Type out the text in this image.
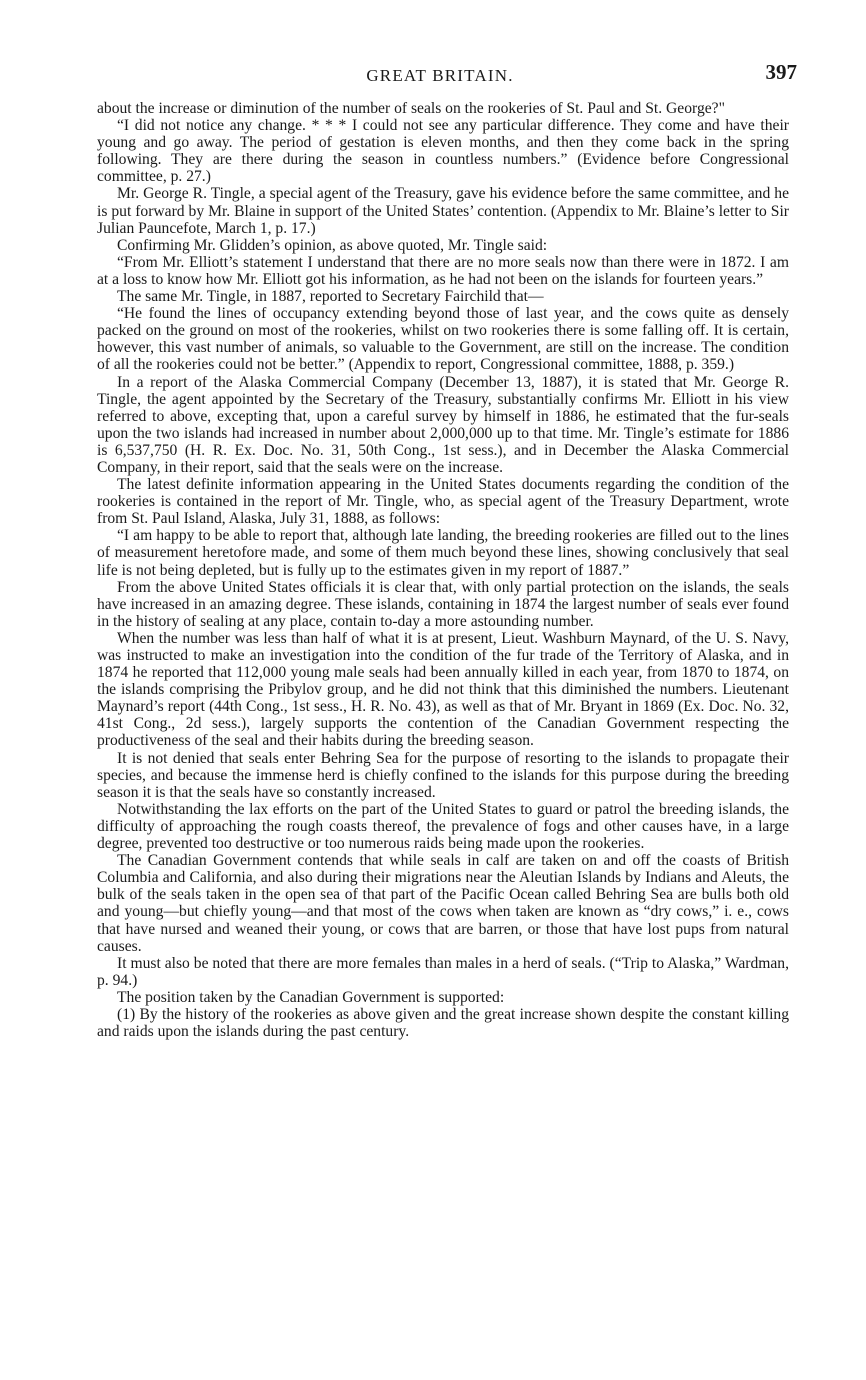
GREAT BRITAIN.	397

about the increase or diminution of the number of seals on the rookeries of St. Paul and St. George?"

“I did not notice any change. * * * I could not see any particular difference. They come and have their young and go away. The period of gestation is eleven months, and then they come back in the spring following. They are there during the season in countless numbers.” (Evidence before Congressional committee, p. 27.)

Mr. George R. Tingle, a special agent of the Treasury, gave his evidence before the same committee, and he is put forward by Mr. Blaine in support of the United States’ contention. (Appendix to Mr. Blaine’s letter to Sir Julian Pauncefote, March 1, p. 17.)

Confirming Mr. Glidden’s opinion, as above quoted, Mr. Tingle said:

“From Mr. Elliott’s statement I understand that there are no more seals now than there were in 1872. I am at a loss to know how Mr. Elliott got his information, as he had not been on the islands for fourteen years.”

The same Mr. Tingle, in 1887, reported to Secretary Fairchild that—

“He found the lines of occupancy extending beyond those of last year, and the cows quite as densely packed on the ground on most of the rookeries, whilst on two rookeries there is some falling off. It is certain, however, this vast number of animals, so valuable to the Government, are still on the increase. The condition of all the rookeries could not be better.” (Appendix to report, Congressional committee, 1888, p. 359.)

In a report of the Alaska Commercial Company (December 13, 1887), it is stated that Mr. George R. Tingle, the agent appointed by the Secretary of the Treasury, substantially confirms Mr. Elliott in his view referred to above, excepting that, upon a careful survey by himself in 1886, he estimated that the fur-seals upon the two islands had increased in number about 2,000,000 up to that time. Mr. Tingle’s estimate for 1886 is 6,537,750 (H. R. Ex. Doc. No. 31, 50th Cong., 1st sess.), and in December the Alaska Commercial Company, in their report, said that the seals were on the increase.

The latest definite information appearing in the United States documents regarding the condition of the rookeries is contained in the report of Mr. Tingle, who, as special agent of the Treasury Department, wrote from St. Paul Island, Alaska, July 31, 1888, as follows:

“I am happy to be able to report that, although late landing, the breeding rookeries are filled out to the lines of measurement heretofore made, and some of them much beyond these lines, showing conclusively that seal life is not being depleted, but is fully up to the estimates given in my report of 1887.”

From the above United States officials it is clear that, with only partial protection on the islands, the seals have increased in an amazing degree. These islands, containing in 1874 the largest number of seals ever found in the history of sealing at any place, contain to-day a more astounding number.

When the number was less than half of what it is at present, Lieut. Washburn Maynard, of the U. S. Navy, was instructed to make an investigation into the condition of the fur trade of the Territory of Alaska, and in 1874 he reported that 112,000 young male seals had been annually killed in each year, from 1870 to 1874, on the islands comprising the Pribylov group, and he did not think that this diminished the numbers. Lieutenant Maynard’s report (44th Cong., 1st sess., H. R. No. 43), as well as that of Mr. Bryant in 1869 (Ex. Doc. No. 32, 41st Cong., 2d sess.), largely supports the contention of the Canadian Government respecting the productiveness of the seal and their habits during the breeding season.

It is not denied that seals enter Behring Sea for the purpose of resorting to the islands to propagate their species, and because the immense herd is chiefly confined to the islands for this purpose during the breeding season it is that the seals have so constantly increased.

Notwithstanding the lax efforts on the part of the United States to guard or patrol the breeding islands, the difficulty of approaching the rough coasts thereof, the prevalence of fogs and other causes have, in a large degree, prevented too destructive or too numerous raids being made upon the rookeries.

The Canadian Government contends that while seals in calf are taken on and off the coasts of British Columbia and California, and also during their migrations near the Aleutian Islands by Indians and Aleuts, the bulk of the seals taken in the open sea of that part of the Pacific Ocean called Behring Sea are bulls both old and young—but chiefly young—and that most of the cows when taken are known as “dry cows,” i. e., cows that have nursed and weaned their young, or cows that are barren, or those that have lost pups from natural causes.

It must also be noted that there are more females than males in a herd of seals. (“Trip to Alaska,” Wardman, p. 94.)

The position taken by the Canadian Government is supported:

(1) By the history of the rookeries as above given and the great increase shown despite the constant killing and raids upon the islands during the past century.
